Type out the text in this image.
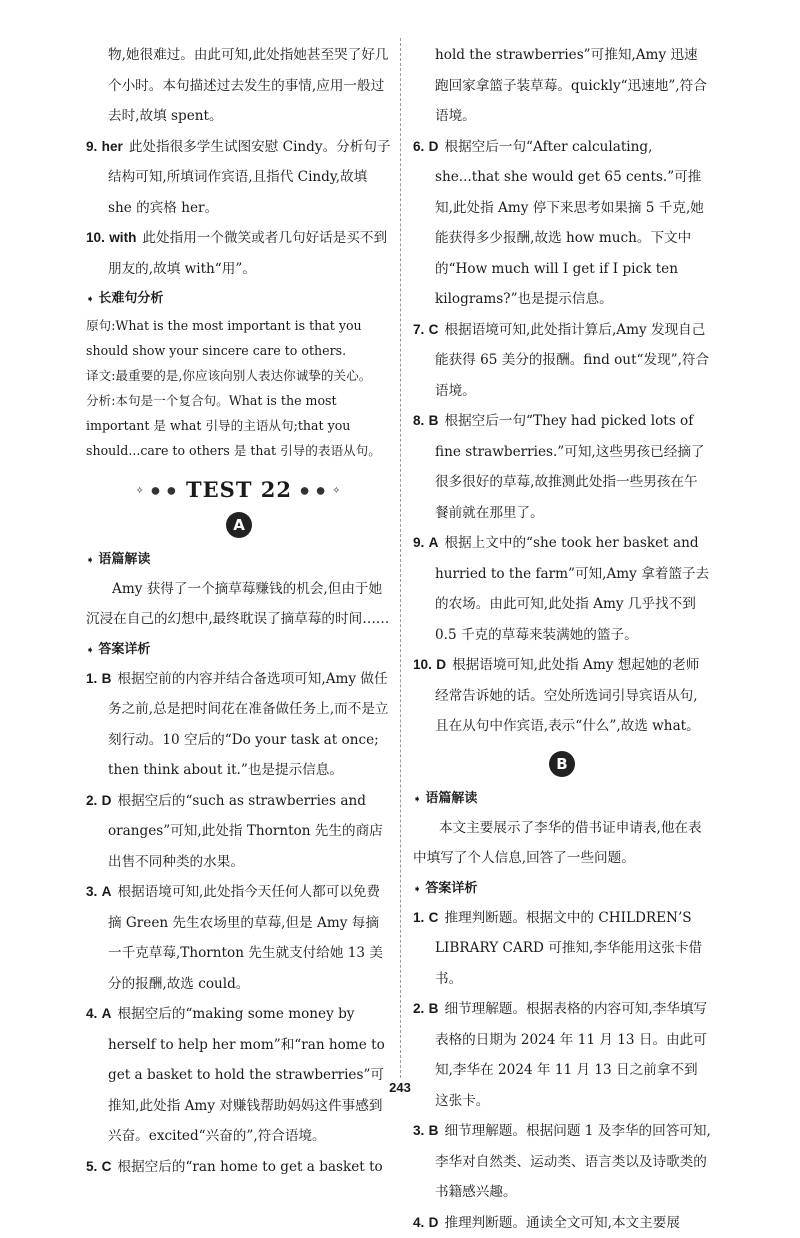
物,她很难过。由此可知,此处指她甚至哭了好几个小时。本句描述过去发生的事情,应用一般过去时,故填 spent。

9. her 此处指很多学生试图安慰 Cindy。分析句子结构可知,所填词作宾语,且指代 Cindy,故填 she 的宾格 her。

10. with 此处指用一个微笑或者几句好话是买不到朋友的,故填 with“用”。

➧ 长难句分析

原句:What is the most important is that you should show your sincere care to others.

译文:最重要的是,你应该向别人表达你诚挚的关心。

分析:本句是一个复合句。What is the most important 是 what 引导的主语从句;that you should...care to others 是 that 引导的表语从句。

✧ ● ● TEST 22 ● ● ✧
A
➧ 语篇解读

Amy 获得了一个摘草莓赚钱的机会,但由于她沉浸在自己的幻想中,最终耽误了摘草莓的时间……

➧ 答案详析

1. B 根据空前的内容并结合备选项可知,Amy 做任务之前,总是把时间花在准备做任务上,而不是立刻行动。10 空后的“Do your task at once; then think about it.”也是提示信息。

2. D 根据空后的“such as strawberries and oranges”可知,此处指 Thornton 先生的商店出售不同种类的水果。

3. A 根据语境可知,此处指今天任何人都可以免费摘 Green 先生农场里的草莓,但是 Amy 每摘一千克草莓,Thornton 先生就支付给她 13 美分的报酬,故选 could。

4. A 根据空后的“making some money by herself to help her mom”和“ran home to get a basket to hold the strawberries”可推知,此处指 Amy 对赚钱帮助妈妈这件事感到兴奋。excited“兴奋的”,符合语境。

5. C 根据空后的“ran home to get a basket to

hold the strawberries”可推知,Amy 迅速跑回家拿篮子装草莓。quickly“迅速地”,符合语境。

6. D 根据空后一句“After calculating, she...that she would get 65 cents.”可推知,此处指 Amy 停下来思考如果摘 5 千克,她能获得多少报酬,故选 how much。下文中的“How much will I get if I pick ten kilograms?”也是提示信息。

7. C 根据语境可知,此处指计算后,Amy 发现自己能获得 65 美分的报酬。find out“发现”,符合语境。

8. B 根据空后一句“They had picked lots of fine strawberries.”可知,这些男孩已经摘了很多很好的草莓,故推测此处指一些男孩在午餐前就在那里了。

9. A 根据上文中的“she took her basket and hurried to the farm”可知,Amy 拿着篮子去的农场。由此可知,此处指 Amy 几乎找不到 0.5 千克的草莓来装满她的篮子。

10. D 根据语境可知,此处指 Amy 想起她的老师经常告诉她的话。空处所选词引导宾语从句,且在从句中作宾语,表示“什么”,故选 what。

B
➧ 语篇解读

本文主要展示了李华的借书证申请表,他在表中填写了个人信息,回答了一些问题。

➧ 答案详析

1. C 推理判断题。根据文中的 CHILDREN’S LIBRARY CARD 可推知,李华能用这张卡借书。

2. B 细节理解题。根据表格的内容可知,李华填写表格的日期为 2024 年 11 月 13 日。由此可知,李华在 2024 年 11 月 13 日之前拿不到这张卡。

3. B 细节理解题。根据问题 1 及李华的回答可知,李华对自然类、运动类、语言类以及诗歌类的书籍感兴趣。

4. D 推理判断题。通读全文可知,本文主要展

243
